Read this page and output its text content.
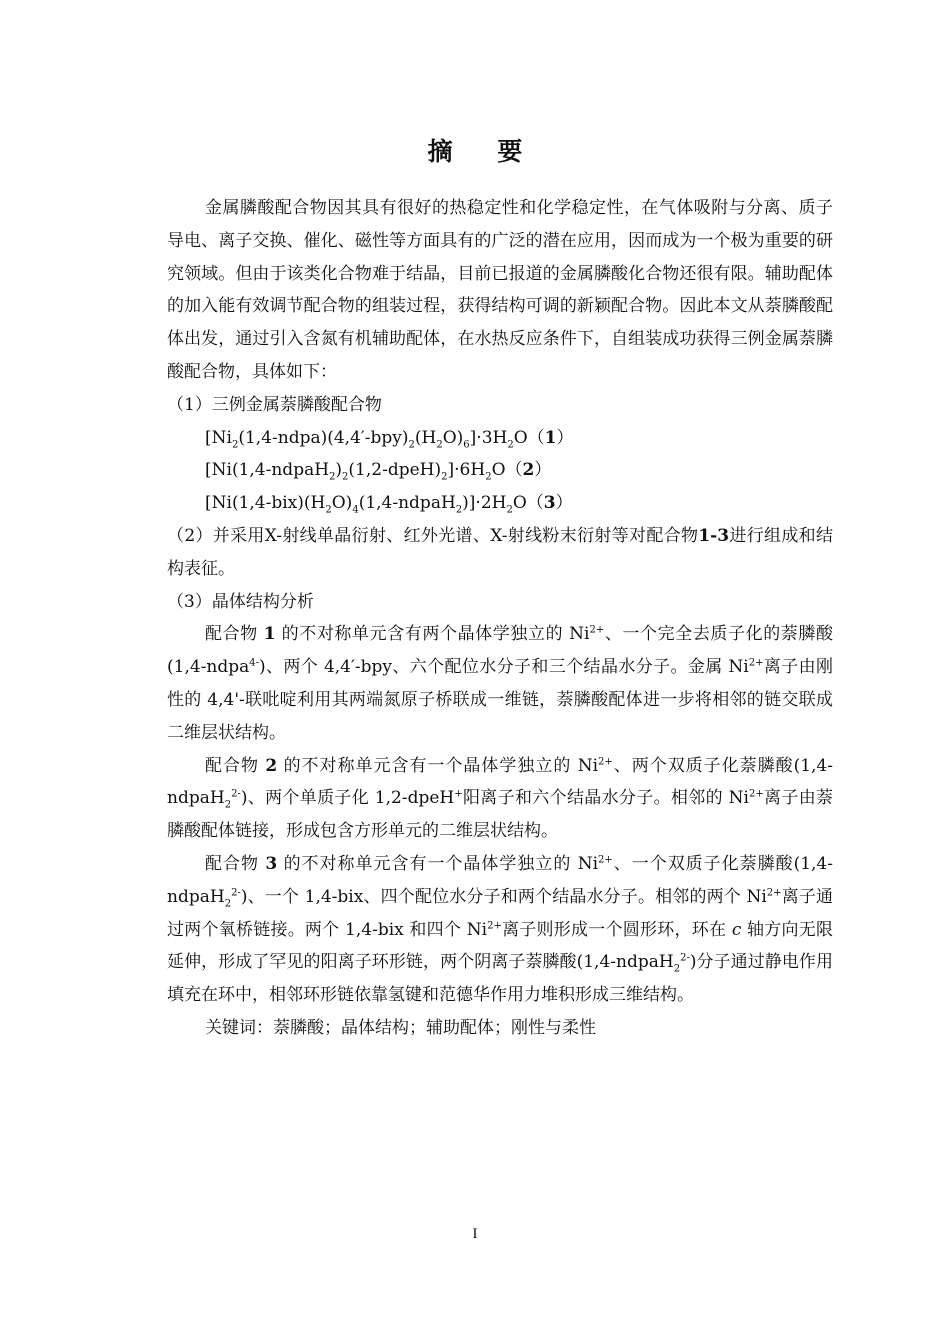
摘 要

金属膦酸配合物因其具有很好的热稳定性和化学稳定性，在气体吸附与分离、质子导电、离子交换、催化、磁性等方面具有的广泛的潜在应用，因而成为一个极为重要的研究领域。但由于该类化合物难于结晶，目前已报道的金属膦酸化合物还很有限。辅助配体的加入能有效调节配合物的组装过程，获得结构可调的新颖配合物。因此本文从萘膦酸配体出发，通过引入含氮有机辅助配体，在水热反应条件下，自组装成功获得三例金属萘膦酸配合物，具体如下：

（1）三例金属萘膦酸配合物

$[Ni_2(1,4-ndpa)(4,4'-bpy)_2(H_2O)_6]\cdot 3H_2O(1)$

$[Ni(1,4-ndpaH_2)_2(1,2-dpeH)_2]\cdot 6H_2O(2)$

$[Ni(1,4-bix)(H_2O)_4(1,4-ndpaH_2)]\cdot 2H_2O(3)$

（2）并采用X-射线单晶衍射、红外光谱、X-射线粉末衍射等对配合物1-3进行组成和结构表征。

（3）晶体结构分析

配合物 1 的不对称单元含有两个晶体学独立的 $Ni^{2+}$、一个完全去质子化的萘膦酸(1,4-ndpa$^{4-}$)、两个 4,4′-bpy、六个配位水分子和三个结晶水分子。金属 $Ni^{2+}$离子由刚性的 4,4'-联吡啶利用其两端氮原子桥联成一维链，萘膦酸配体进一步将相邻的链交联成二维层状结构。

配合物 2 的不对称单元含有一个晶体学独立的 $Ni^{2+}$、两个双质子化萘膦酸(1,4-ndpaH$_2^{2-}$)、两个单质子化 1,2-dpeH+阳离子和六个结晶水分子。相邻的 $Ni^{2+}$离子由萘膦酸配体链接，形成包含方形单元的二维层状结构。

配合物 3 的不对称单元含有一个晶体学独立的 $Ni^{2+}$、一个双质子化萘膦酸(1,4-ndpaH$_2^{2-}$)、一个 1,4-bix、四个配位水分子和两个结晶水分子。相邻的两个 $Ni^{2+}$离子通过两个氧桥链接。两个 1,4-bix 和四个 $Ni^{2+}$离子则形成一个圆形环，环在 c 轴方向无限延伸，形成了罕见的阳离子环形链，两个阴离子萘膦酸(1,4-ndpaH$_2^{2-}$)分子通过静电作用填充在环中，相邻环形链依靠氢键和范德华作用力堆积形成三维结构。

关键词：萘膦酸；晶体结构；辅助配体；刚性与柔性

I
